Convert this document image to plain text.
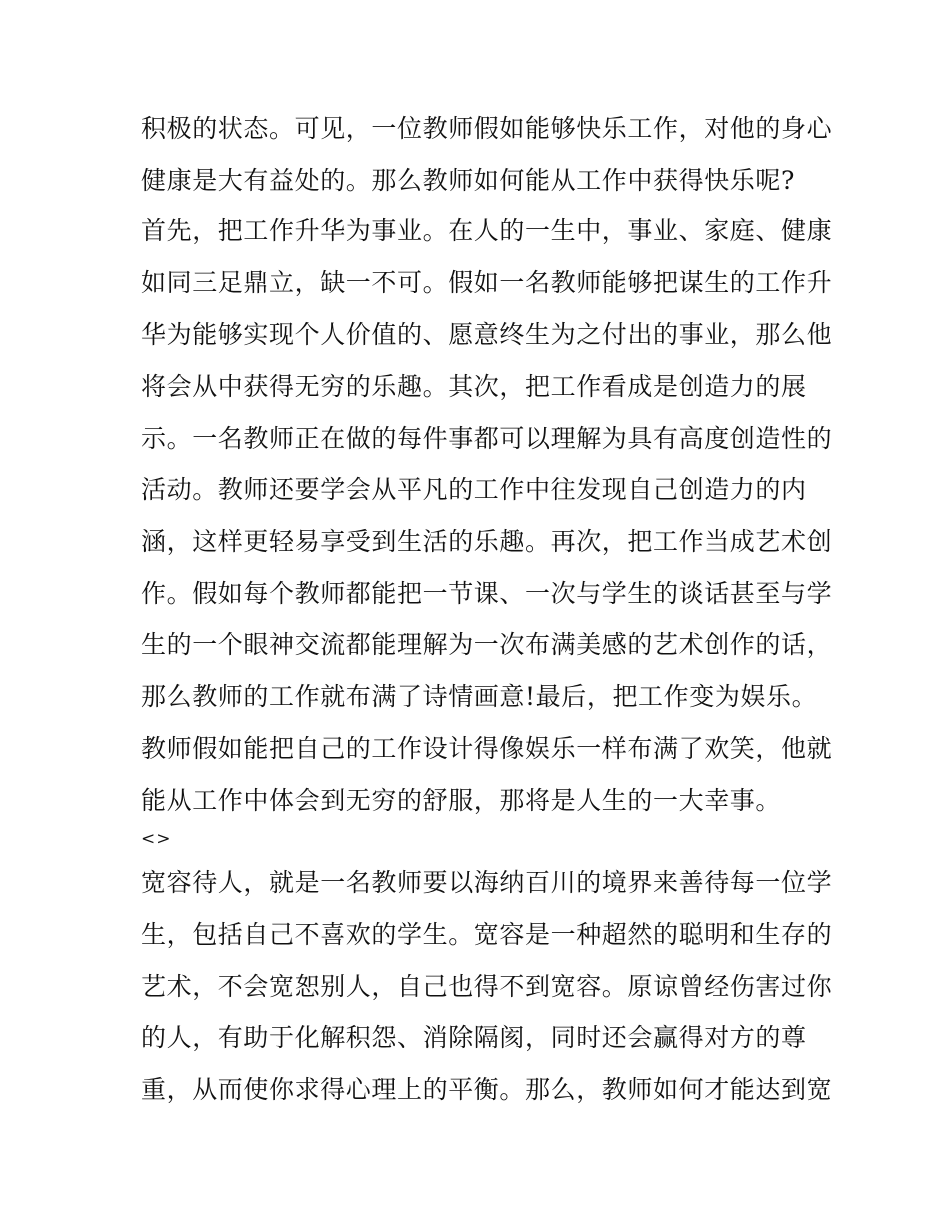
积极的状态。可见，一位教师假如能够快乐工作，对他的身心
健康是大有益处的。那么教师如何能从工作中获得快乐呢?
首先，把工作升华为事业。在人的一生中，事业、家庭、健康
如同三足鼎立，缺一不可。假如一名教师能够把谋生的工作升
华为能够实现个人价值的、愿意终生为之付出的事业，那么他
将会从中获得无穷的乐趣。其次，把工作看成是创造力的展
示。一名教师正在做的每件事都可以理解为具有高度创造性的
活动。教师还要学会从平凡的工作中往发现自己创造力的内
涵，这样更轻易享受到生活的乐趣。再次，把工作当成艺术创
作。假如每个教师都能把一节课、一次与学生的谈话甚至与学
生的一个眼神交流都能理解为一次布满美感的艺术创作的话，
那么教师的工作就布满了诗情画意!最后，把工作变为娱乐。
教师假如能把自己的工作设计得像娱乐一样布满了欢笑，他就
能从工作中体会到无穷的舒服，那将是人生的一大幸事。
<>
宽容待人，就是一名教师要以海纳百川的境界来善待每一位学
生，包括自己不喜欢的学生。宽容是一种超然的聪明和生存的
艺术，不会宽恕别人，自己也得不到宽容。原谅曾经伤害过你
的人，有助于化解积怨、消除隔阂，同时还会赢得对方的尊
重，从而使你求得心理上的平衡。那么，教师如何才能达到宽
